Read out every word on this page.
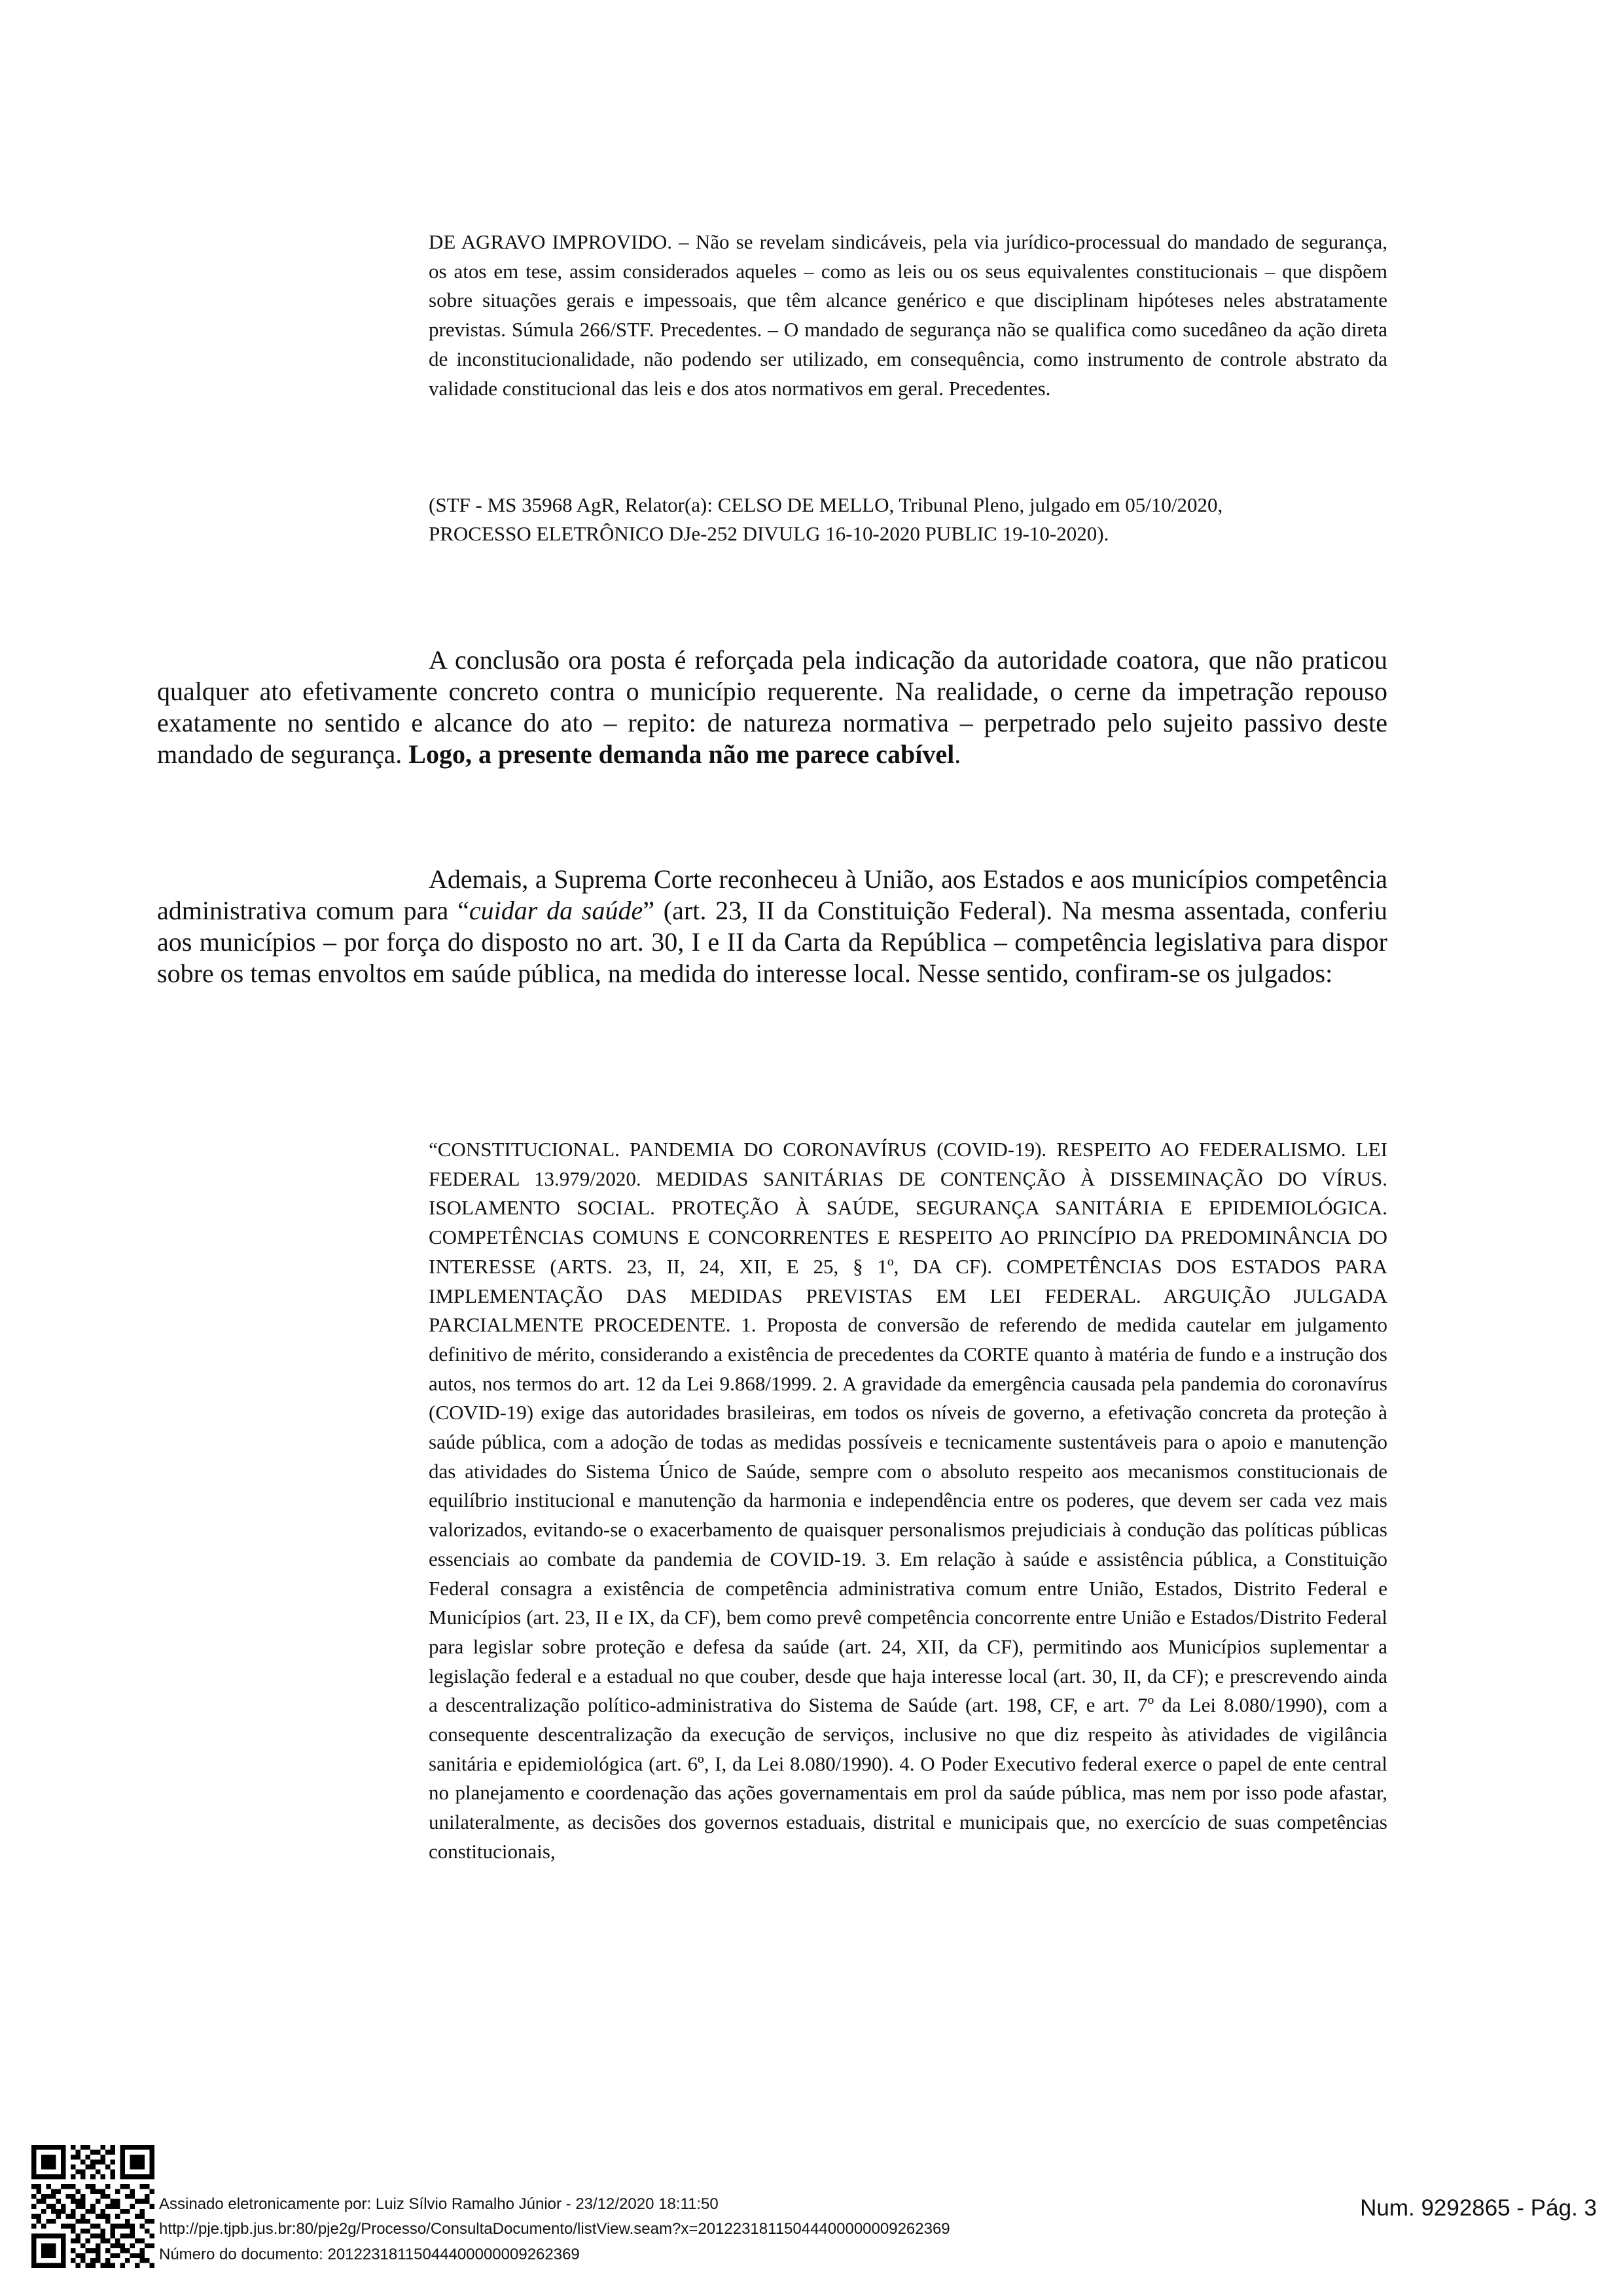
DE AGRAVO IMPROVIDO. – Não se revelam sindicáveis, pela via jurídico-processual do mandado de segurança, os atos em tese, assim considerados aqueles – como as leis ou os seus equivalentes constitucionais – que dispõem sobre situações gerais e impessoais, que têm alcance genérico e que disciplinam hipóteses neles abstratamente previstas. Súmula 266/STF. Precedentes. – O mandado de segurança não se qualifica como sucedâneo da ação direta de inconstitucionalidade, não podendo ser utilizado, em consequência, como instrumento de controle abstrato da validade constitucional das leis e dos atos normativos em geral. Precedentes.

(STF - MS 35968 AgR, Relator(a): CELSO DE MELLO, Tribunal Pleno, julgado em 05/10/2020,
PROCESSO ELETRÔNICO DJe-252 DIVULG 16-10-2020 PUBLIC 19-10-2020).

A conclusão ora posta é reforçada pela indicação da autoridade coatora, que não praticou qualquer ato efetivamente concreto contra o município requerente. Na realidade, o cerne da impetração repouso exatamente no sentido e alcance do ato – repito: de natureza normativa – perpetrado pelo sujeito passivo deste mandado de segurança. Logo, a presente demanda não me parece cabível.

Ademais, a Suprema Corte reconheceu à União, aos Estados e aos municípios competência administrativa comum para “cuidar da saúde” (art. 23, II da Constituição Federal). Na mesma assentada, conferiu aos municípios – por força do disposto no art. 30, I e II da Carta da República – competência legislativa para dispor sobre os temas envoltos em saúde pública, na medida do interesse local. Nesse sentido, confiram-se os julgados:

“CONSTITUCIONAL. PANDEMIA DO CORONAVÍRUS (COVID-19). RESPEITO AO FEDERALISMO. LEI FEDERAL 13.979/2020. MEDIDAS SANITÁRIAS DE CONTENÇÃO À DISSEMINAÇÃO DO VÍRUS. ISOLAMENTO SOCIAL. PROTEÇÃO À SAÚDE, SEGURANÇA SANITÁRIA E EPIDEMIOLÓGICA. COMPETÊNCIAS COMUNS E CONCORRENTES E RESPEITO AO PRINCÍPIO DA PREDOMINÂNCIA DO INTERESSE (ARTS. 23, II, 24, XII, E 25, § 1º, DA CF). COMPETÊNCIAS DOS ESTADOS PARA IMPLEMENTAÇÃO DAS MEDIDAS PREVISTAS EM LEI FEDERAL. ARGUIÇÃO JULGADA PARCIALMENTE PROCEDENTE. 1. Proposta de conversão de referendo de medida cautelar em julgamento definitivo de mérito, considerando a existência de precedentes da CORTE quanto à matéria de fundo e a instrução dos autos, nos termos do art. 12 da Lei 9.868/1999. 2. A gravidade da emergência causada pela pandemia do coronavírus (COVID-19) exige das autoridades brasileiras, em todos os níveis de governo, a efetivação concreta da proteção à saúde pública, com a adoção de todas as medidas possíveis e tecnicamente sustentáveis para o apoio e manutenção das atividades do Sistema Único de Saúde, sempre com o absoluto respeito aos mecanismos constitucionais de equilíbrio institucional e manutenção da harmonia e independência entre os poderes, que devem ser cada vez mais valorizados, evitando-se o exacerbamento de quaisquer personalismos prejudiciais à condução das políticas públicas essenciais ao combate da pandemia de COVID-19. 3. Em relação à saúde e assistência pública, a Constituição Federal consagra a existência de competência administrativa comum entre União, Estados, Distrito Federal e Municípios (art. 23, II e IX, da CF), bem como prevê competência concorrente entre União e Estados/Distrito Federal para legislar sobre proteção e defesa da saúde (art. 24, XII, da CF), permitindo aos Municípios suplementar a legislação federal e a estadual no que couber, desde que haja interesse local (art. 30, II, da CF); e prescrevendo ainda a descentralização político-administrativa do Sistema de Saúde (art. 198, CF, e art. 7º da Lei 8.080/1990), com a consequente descentralização da execução de serviços, inclusive no que diz respeito às atividades de vigilância sanitária e epidemiológica (art. 6º, I, da Lei 8.080/1990). 4. O Poder Executivo federal exerce o papel de ente central no planejamento e coordenação das ações governamentais em prol da saúde pública, mas nem por isso pode afastar, unilateralmente, as decisões dos governos estaduais, distrital e municipais que, no exercício de suas competências constitucionais,

Assinado eletronicamente por: Luiz Sílvio Ramalho Júnior - 23/12/2020 18:11:50
http://pje.tjpb.jus.br:80/pje2g/Processo/ConsultaDocumento/listView.seam?x=20122318115044400000009262369
Número do documento: 20122318115044400000009262369
Num. 9292865 - Pág. 3
